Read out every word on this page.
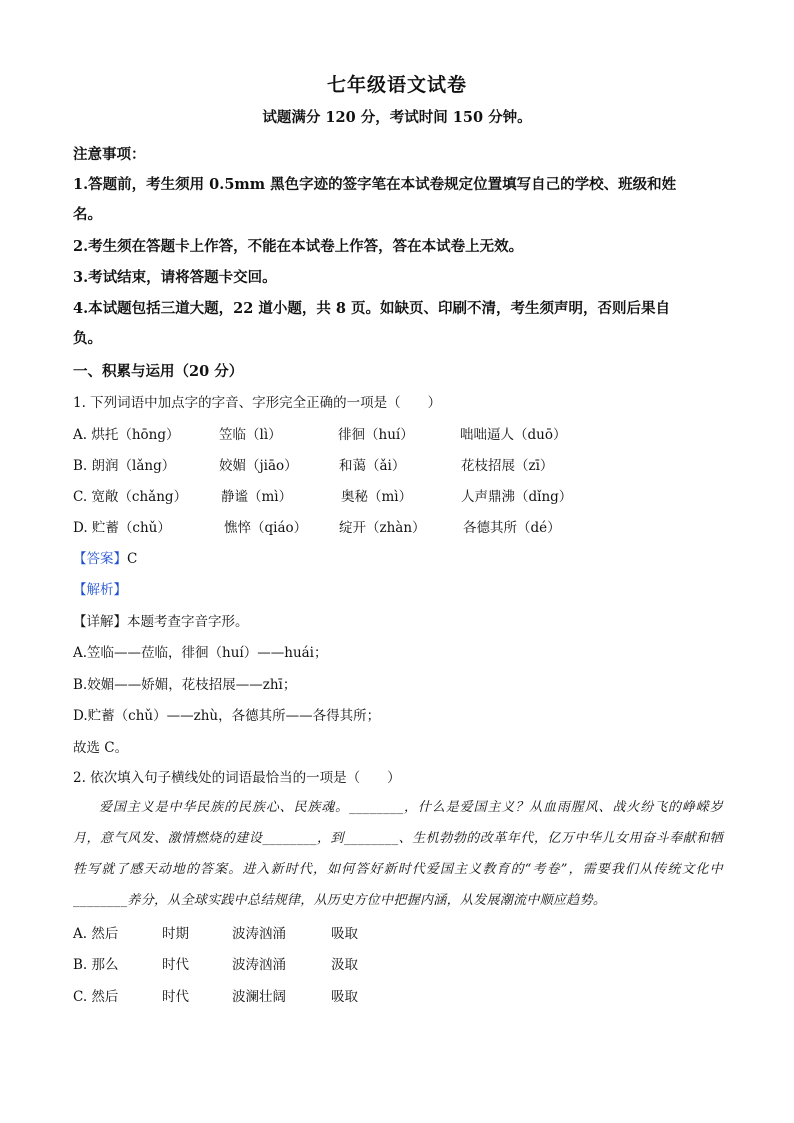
七年级语文试卷
试题满分 120 分，考试时间 150 分钟。
注意事项：
1.答题前，考生须用 0.5mm 黑色字迹的签字笔在本试卷规定位置填写自己的学校、班级和姓
名。
2.考生须在答题卡上作答，不能在本试卷上作答，答在本试卷上无效。
3.考试结束，请将答题卡交回。
4.本试题包括三道大题，22 道小题，共 8 页。如缺页、印刷不清，考生须声明，否则后果自
负。
一、积累与运用（20 分）
1. 下列词语中加点字的字音、字形完全正确的一项是（　　）
A. 烘托（hōng）	笠临（lì）	徘徊（huí）	咄咄逼人（duō）
B. 朗润（lǎng）	姣媚（jiāo）	和蔼（ǎi）	花枝招展（zī）
C. 宽敞（chǎng）	静谧（mì）	奥秘（mì）	人声鼎沸（dǐng）
D. 贮蓄（chǔ）	憔悴（qiáo） 绽开（zhàn）	各德其所（dé）
【答案】C
【解析】
【详解】本题考查字音字形。
A.笠临——莅临，徘徊（huí）——huái；
B.姣媚——娇媚，花枝招展——zhī；
D.贮蓄（chǔ）——zhù，各德其所——各得其所；
故选 C。
2. 依次填入句子横线处的词语最恰当的一项是（　　）
爱国主义是中华民族的民族心、民族魂。________，什么是爱国主义？从血雨腥风、战火纷飞的峥嵘岁月，意气风发、激情燃烧的建设________，到________、生机勃勃的改革年代，亿万中华儿女用奋斗奉献和牺牲写就了感天动地的答案。进入新时代，如何答好新时代爱国主义教育的“考卷”，需要我们从传统文化中________养分，从全球实践中总结规律，从历史方位中把握内涵，从发展潮流中顺应趋势。
A. 然后	时期	波涛汹涌	吸取
B. 那么	时代	波涛汹涌	汲取
C. 然后	时代	波澜壮阔	吸取
